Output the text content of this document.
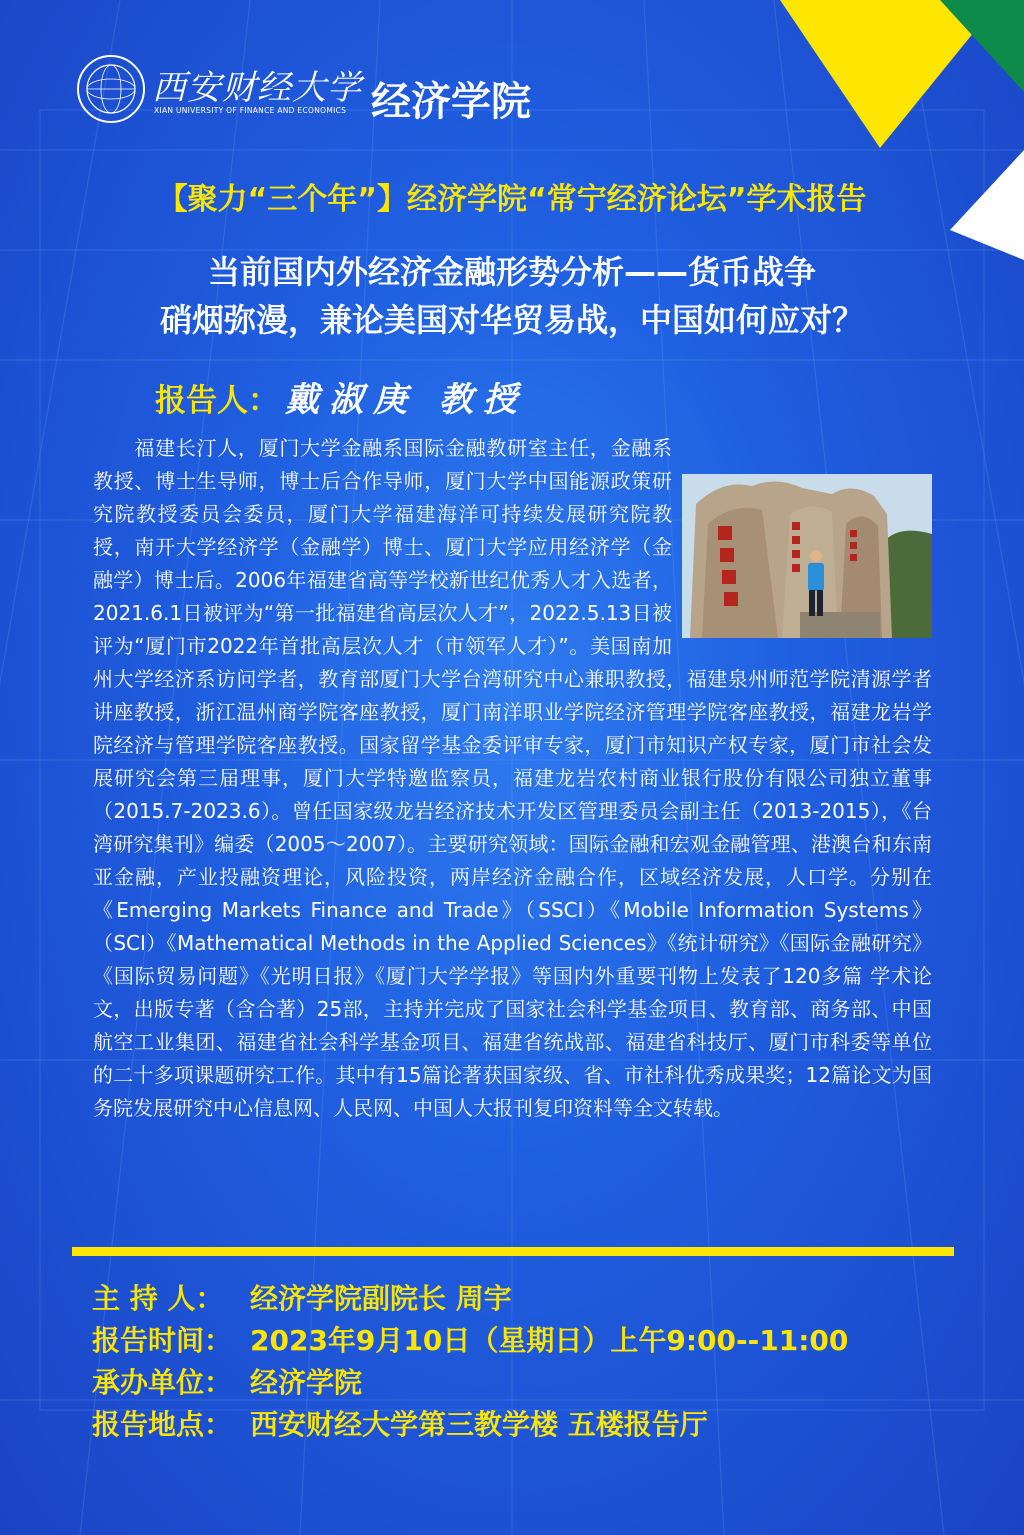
西安财经大学
XIAN UNIVERSITY OF FINANCE AND ECONOMICS 经济学院
【聚力“三个年”】经济学院“常宁经济论坛”学术报告
当前国内外经济金融形势分析——货币战争
硝烟弥漫，兼论美国对华贸易战，中国如何应对？
报告人： 戴淑庚 教授
　　福建长汀人，厦门大学金融系国际金融教研室主任，金融系教授、博士生导师，博士后合作导师，厦门大学中国能源政策研究院教授委员会委员，厦门大学福建海洋可持续发展研究院教授，南开大学经济学（金融学）博士、厦门大学应用经济学（金融学）博士后。2006年福建省高等学校新世纪优秀人才入选者，2021.6.1日被评为“第一批福建省高层次人才”，2022.5.13日被评为“厦门市2022年首批高层次人才（市领军人才）”。美国南加州大学经济系访问学者，教育部厦门大学台湾研究中心兼职教授，福建泉州师范学院清源学者讲座教授，浙江温州商学院客座教授，厦门南洋职业学院经济管理学院客座教授，福建龙岩学院经济与管理学院客座教授。国家留学基金委评审专家，厦门市知识产权专家，厦门市社会发展研究会第三届理事，厦门大学特邀监察员，福建龙岩农村商业银行股份有限公司独立董事（2015.7-2023.6）。曾任国家级龙岩经济技术开发区管理委员会副主任（2013-2015），《台湾研究集刊》编委（2005～2007）。主要研究领域：国际金融和宏观金融管理、港澳台和东南亚金融，产业投融资理论，风险投资，两岸经济金融合作，区域经济发展，人口学。分别在《Emerging Markets Finance and Trade》（SSCI）《Mobile Information Systems》（SCI）《Mathematical Methods in the Applied Sciences》《统计研究》《国际金融研究》《国际贸易问题》《光明日报》《厦门大学学报》等国内外重要刊物上发表了120多篇 学术论文，出版专著（含合著）25部，主持并完成了国家社会科学基金项目、教育部、商务部、中国航空工业集团、福建省社会科学基金项目、福建省统战部、福建省科技厅、厦门市科委等单位的二十多项课题研究工作。其中有15篇论著获国家级、省、市社科优秀成果奖；12篇论文为国务院发展研究中心信息网、人民网、中国人大报刊复印资料等全文转载。
主 持 人： 经济学院副院长 周宇
报告时间： 2023年9月10日（星期日）上午9:00--11:00
承办单位： 经济学院
报告地点： 西安财经大学第三教学楼 五楼报告厅
